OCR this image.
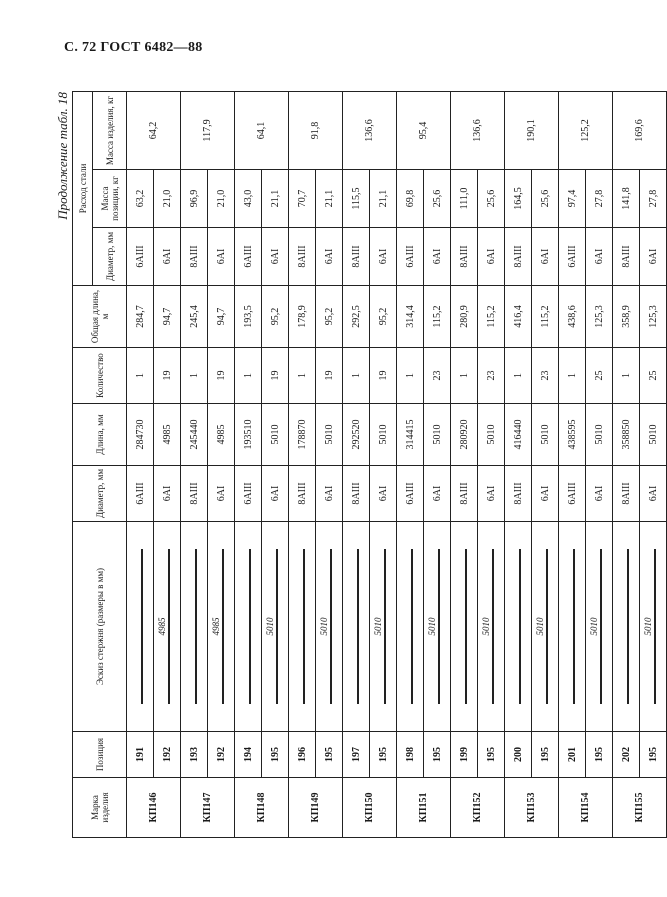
С. 72 ГОСТ 6482—88
Продолжение табл. 18
Марка изделия	Позиция	Эскиз стержня (размеры в мм)	Диаметр, мм	Длина, мм	Количество	Общая длина, м	Расход стали		
							Диаметр, мм	Масса позиции, кг	Масса изделия, кг
КП146	191		6АIII	284730	1	284,7	6АIII	63,2	64,2
	192	4985	6АI	4985	19	94,7	6АI	21,0	
КП147	193		8АIII	245440	1	245,4	8АIII	96,9	117,9
	192	4985	6АI	4985	19	94,7	6АI	21,0	
КП148	194		6АIII	193510	1	193,5	6АIII	43,0	64,1
	195	5010	6АI	5010	19	95,2	6АI	21,1	
КП149	196		8АIII	178870	1	178,9	8АIII	70,7	91,8
	195	5010	6АI	5010	19	95,2	6АI	21,1	
КП150	197		8АIII	292520	1	292,5	8АIII	115,5	136,6
	195	5010	6АI	5010	19	95,2	6АI	21,1	
КП151	198		6АIII	314415	1	314,4	6АIII	69,8	95,4
	195	5010	6АI	5010	23	115,2	6АI	25,6	
КП152	199		8АIII	280920	1	280,9	8АIII	111,0	136,6
	195	5010	6АI	5010	23	115,2	6АI	25,6	
КП153	200		8АIII	416440	1	416,4	8АIII	164,5	190,1
	195	5010	6АI	5010	23	115,2	6АI	25,6	
КП154	201		6АIII	438595	1	438,6	6АIII	97,4	125,2
	195	5010	6АI	5010	25	125,3	6АI	27,8	
КП155	202		8АIII	358850	1	358,9	8АIII	141,8	169,6
	195	5010	6АI	5010	25	125,3	6АI	27,8	
